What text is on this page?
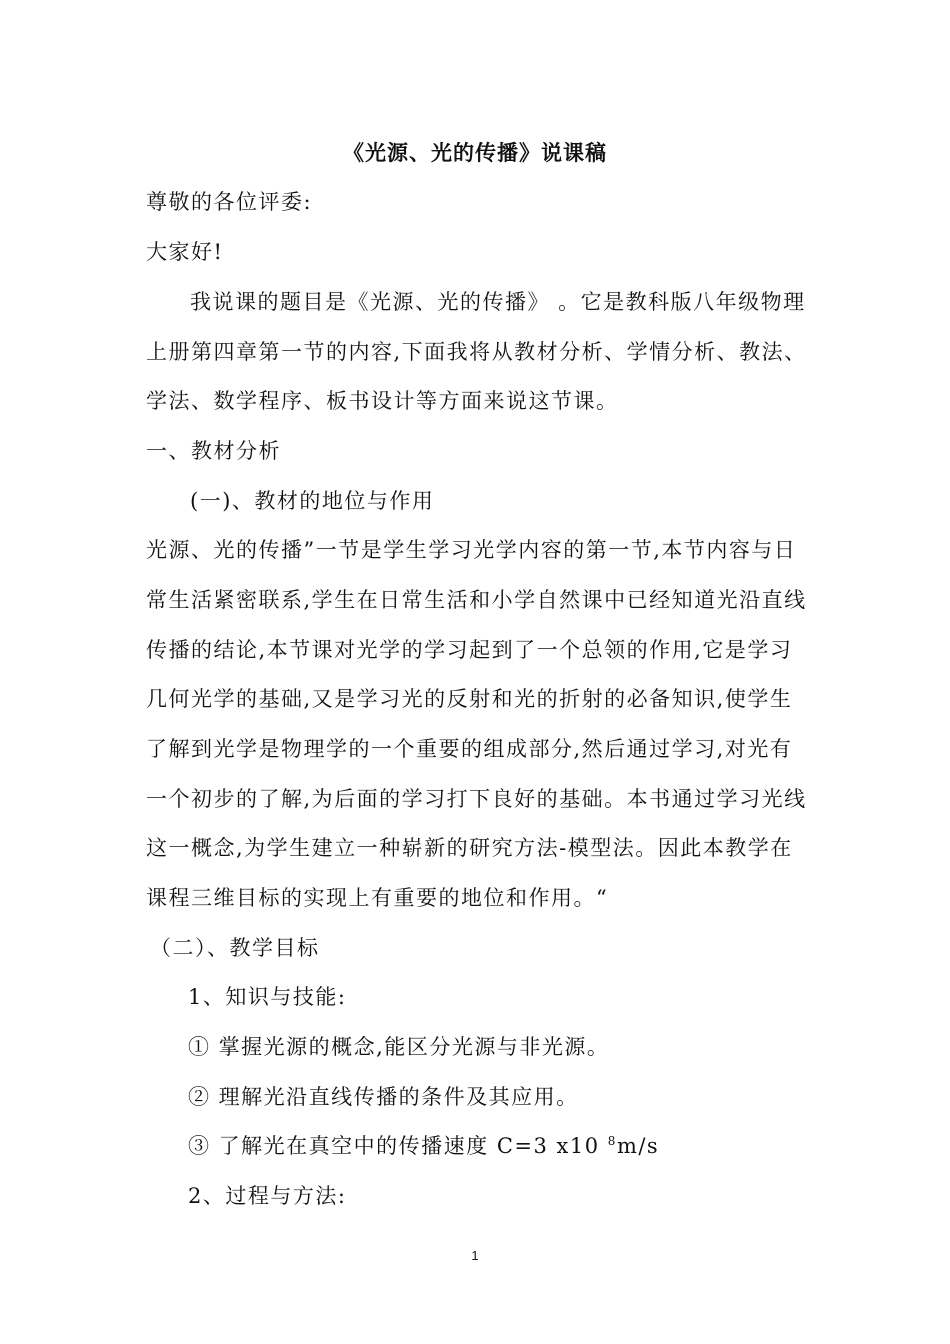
《光源、光的传播》说课稿
尊敬的各位评委:
大家好!
我说课的题目是《光源、光的传播》 。它是教科版八年级物理
上册第四章第一节的内容,下面我将从教材分析、学情分析、教法、
学法、数学程序、板书设计等方面来说这节课。
一、教材分析
(一)、教材的地位与作用
光源、光的传播”一节是学生学习光学内容的第一节,本节内容与日
常生活紧密联系,学生在日常生活和小学自然课中已经知道光沿直线
传播的结论,本节课对光学的学习起到了一个总领的作用,它是学习
几何光学的基础,又是学习光的反射和光的折射的必备知识,使学生
了解到光学是物理学的一个重要的组成部分,然后通过学习,对光有
一个初步的了解,为后面的学习打下良好的基础。本书通过学习光线
这一概念,为学生建立一种崭新的研究方法-模型法。因此本教学在
课程三维目标的实现上有重要的地位和作用。“
（二）、教学目标
1、知识与技能:
① 掌握光源的概念,能区分光源与非光源。
② 理解光沿直线传播的条件及其应用。
③ 了解光在真空中的传播速度 C=3 x10 $^8$m/s
2、过程与方法:
1
